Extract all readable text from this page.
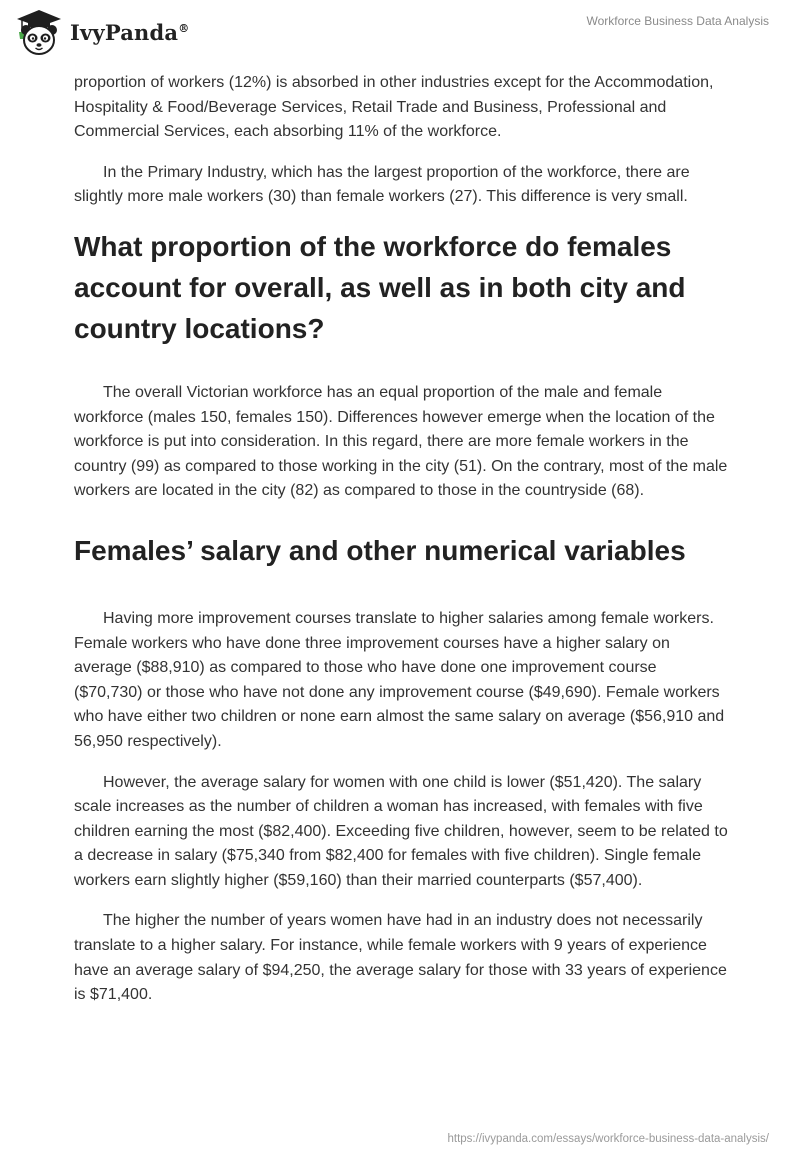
IvyPanda®	Workforce Business Data Analysis

proportion of workers (12%) is absorbed in other industries except for the Accommodation, Hospitality & Food/Beverage Services, Retail Trade and Business, Professional and Commercial Services, each absorbing 11% of the workforce.

In the Primary Industry, which has the largest proportion of the workforce, there are slightly more male workers (30) than female workers (27). This difference is very small.

What proportion of the workforce do females account for overall, as well as in both city and country locations?

The overall Victorian workforce has an equal proportion of the male and female workforce (males 150, females 150). Differences however emerge when the location of the workforce is put into consideration. In this regard, there are more female workers in the country (99) as compared to those working in the city (51). On the contrary, most of the male workers are located in the city (82) as compared to those in the countryside (68).

Females’ salary and other numerical variables

Having more improvement courses translate to higher salaries among female workers. Female workers who have done three improvement courses have a higher salary on average ($88,910) as compared to those who have done one improvement course ($70,730) or those who have not done any improvement course ($49,690). Female workers who have either two children or none earn almost the same salary on average ($56,910 and 56,950 respectively).

However, the average salary for women with one child is lower ($51,420). The salary scale increases as the number of children a woman has increased, with females with five children earning the most ($82,400). Exceeding five children, however, seem to be related to a decrease in salary ($75,340 from $82,400 for females with five children). Single female workers earn slightly higher ($59,160) than their married counterparts ($57,400).

The higher the number of years women have had in an industry does not necessarily translate to a higher salary. For instance, while female workers with 9 years of experience have an average salary of $94,250, the average salary for those with 33 years of experience is $71,400.

https://ivypanda.com/essays/workforce-business-data-analysis/
